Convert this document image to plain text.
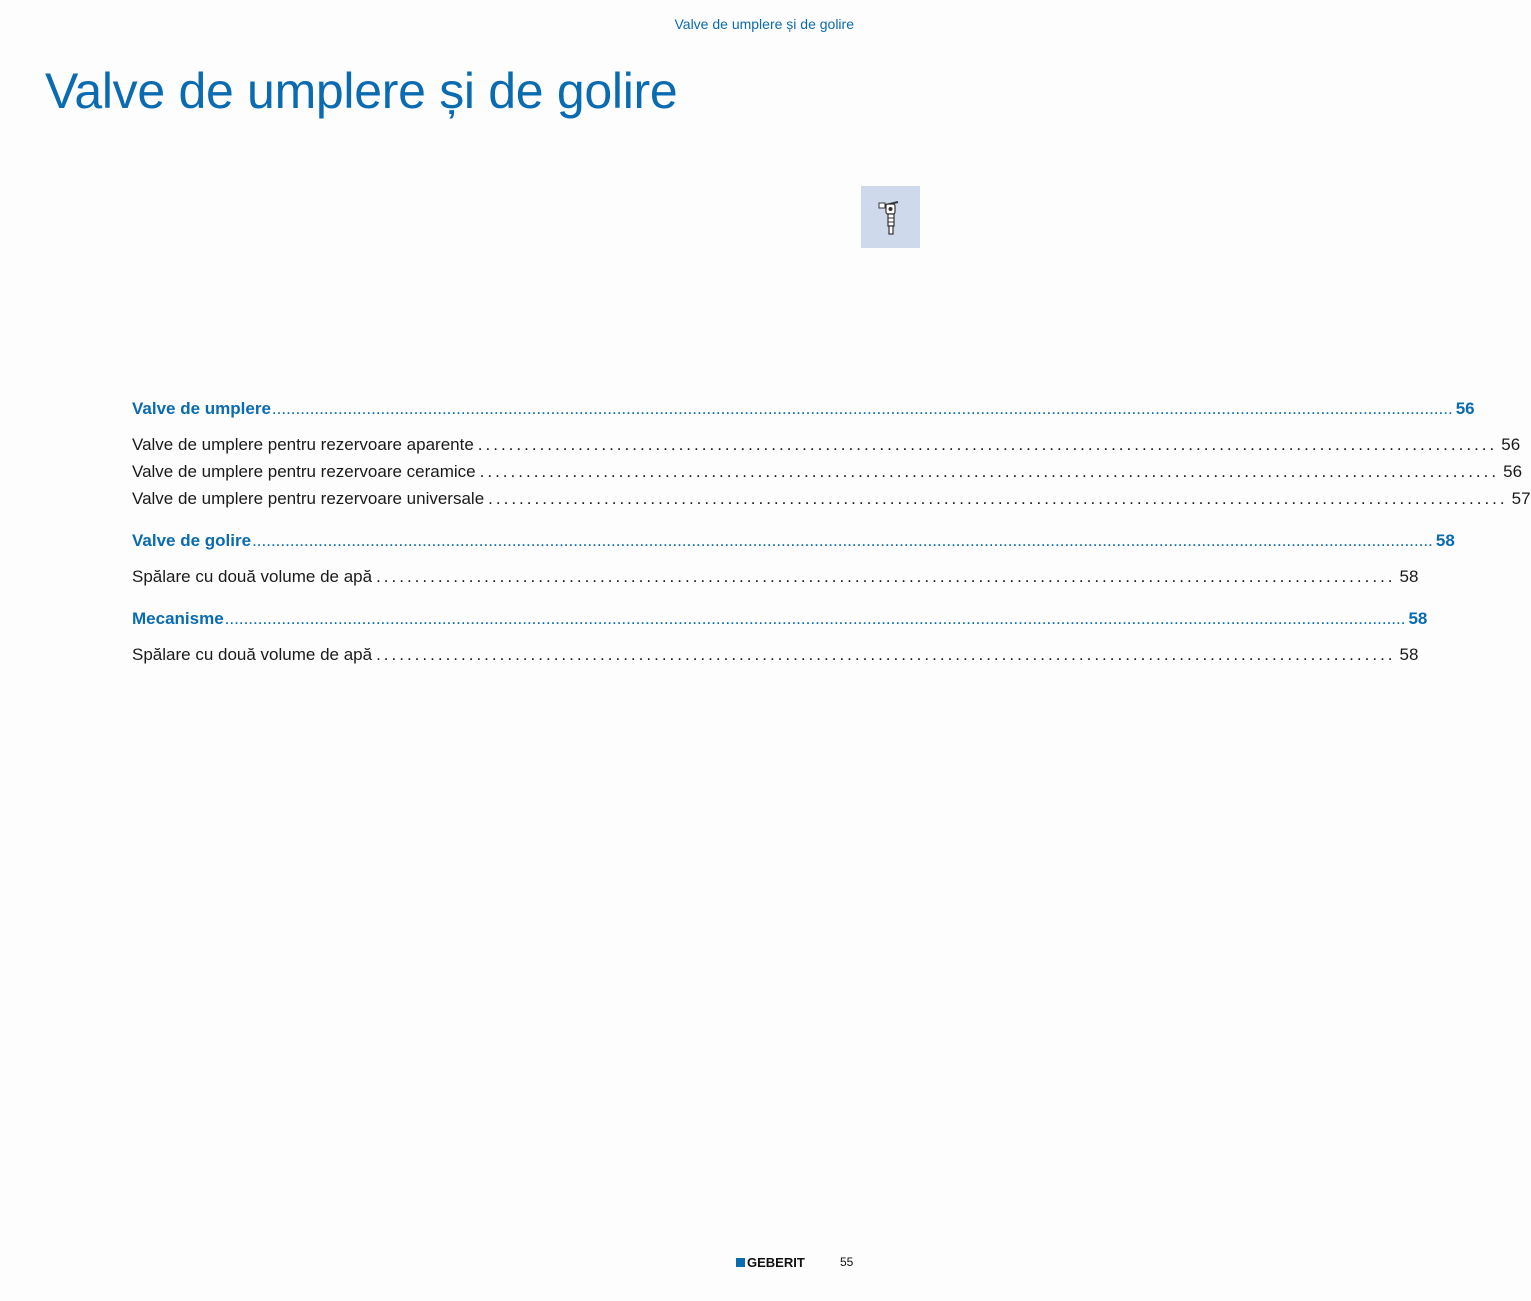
Valve de umplere și de golire
Valve de umplere și de golire
Valve de umplere .......................................................................................................................................................................................................................................................... 56
Valve de umplere pentru rezervoare aparente .................................................................................................................................... 56
Valve de umplere pentru rezervoare ceramice .................................................................................................................................... 56
Valve de umplere pentru rezervoare universale .................................................................................................................................... 57
Valve de golire .......................................................................................................................................................................................................................................................... 58
Spălare cu două volume de apă .................................................................................................................................... 58
Mecanisme .......................................................................................................................................................................................................................................................... 58
Spălare cu două volume de apă .................................................................................................................................... 58
GEBERIT	55
